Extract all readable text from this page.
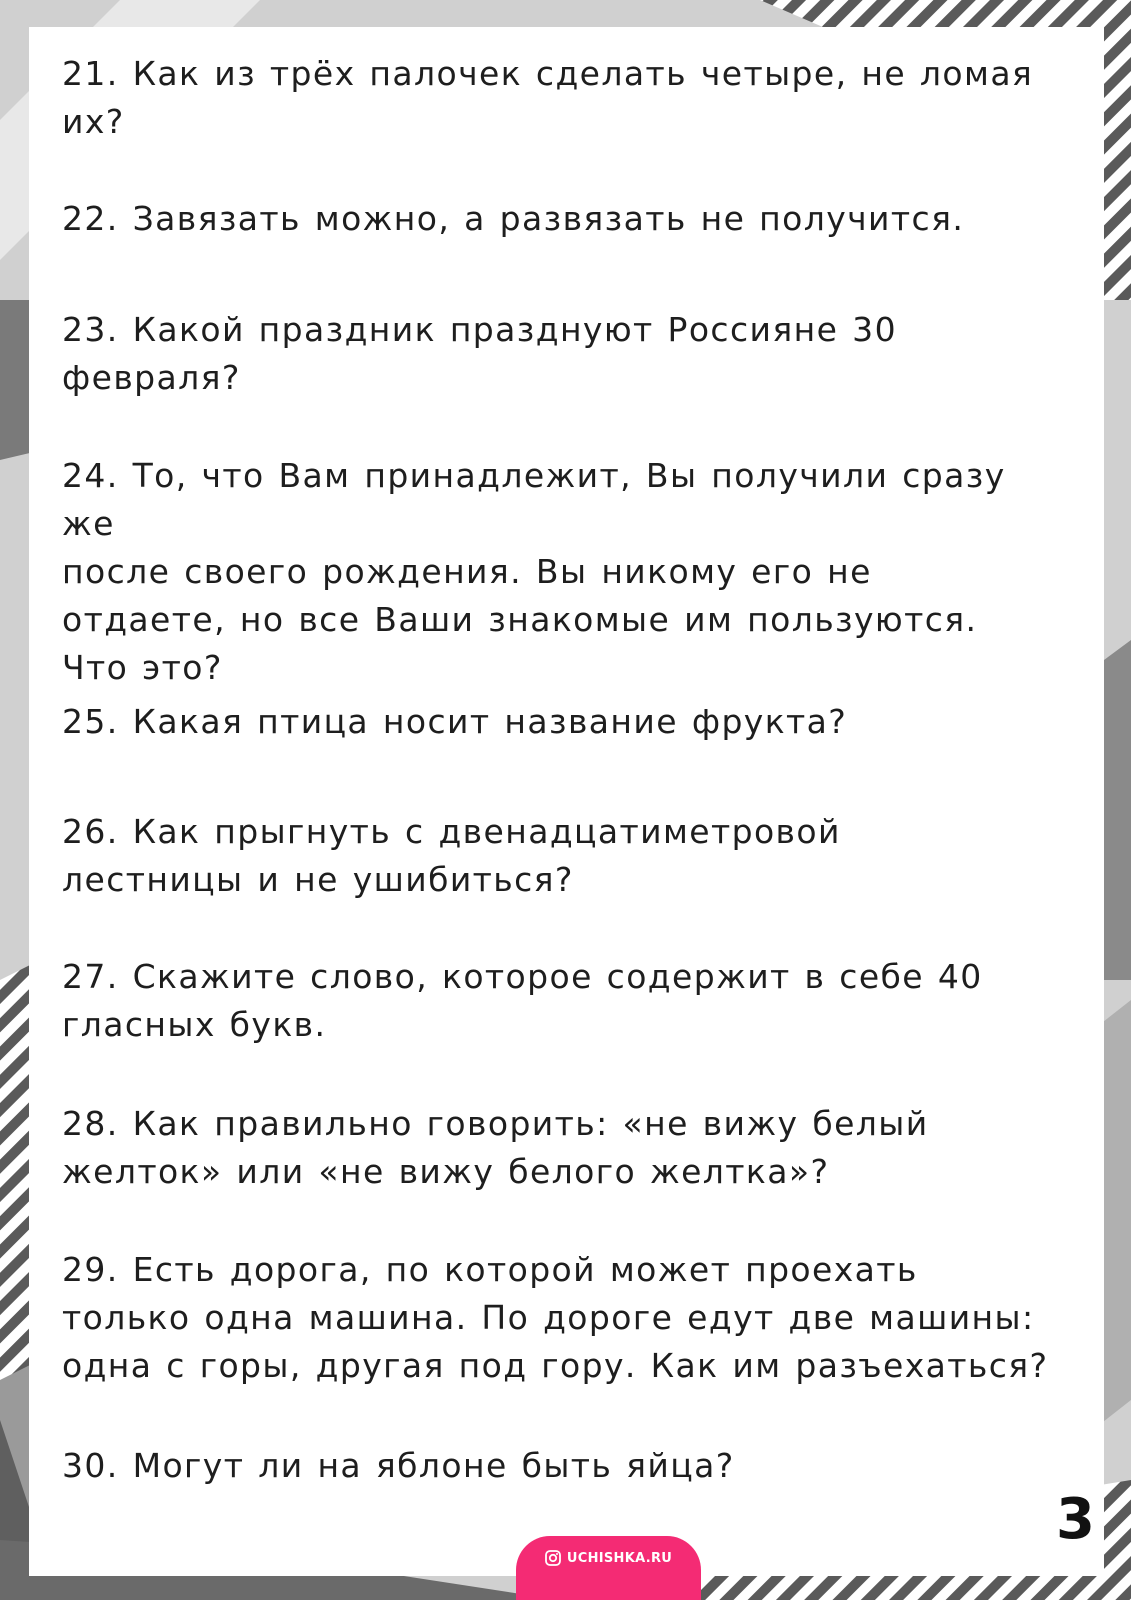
21. Как из трёх палочек сделать четыре, не ломая
их?
22. Завязать можно, а развязать не получится.
23. Какой праздник празднуют Россияне 30
февраля?
24. То, что Вам принадлежит, Вы получили сразу же
после своего рождения. Вы никому его не
отдаете, но все Ваши знакомые им пользуются.
Что это?
25. Какая птица носит название фрукта?
26. Как прыгнуть с двенадцатиметровой
лестницы и не ушибиться?
27. Скажите слово, которое содержит в себе 40
гласных букв.
28. Как правильно говорить: «не вижу белый
желток» или «не вижу белого желтка»?
29. Есть дорога, по которой может проехать
только одна машина. По дороге едут две машины:
одна с горы, другая под гору. Как им разъехаться?
30. Могут ли на яблоне быть яйца?
3
UCHISHKA.RU
